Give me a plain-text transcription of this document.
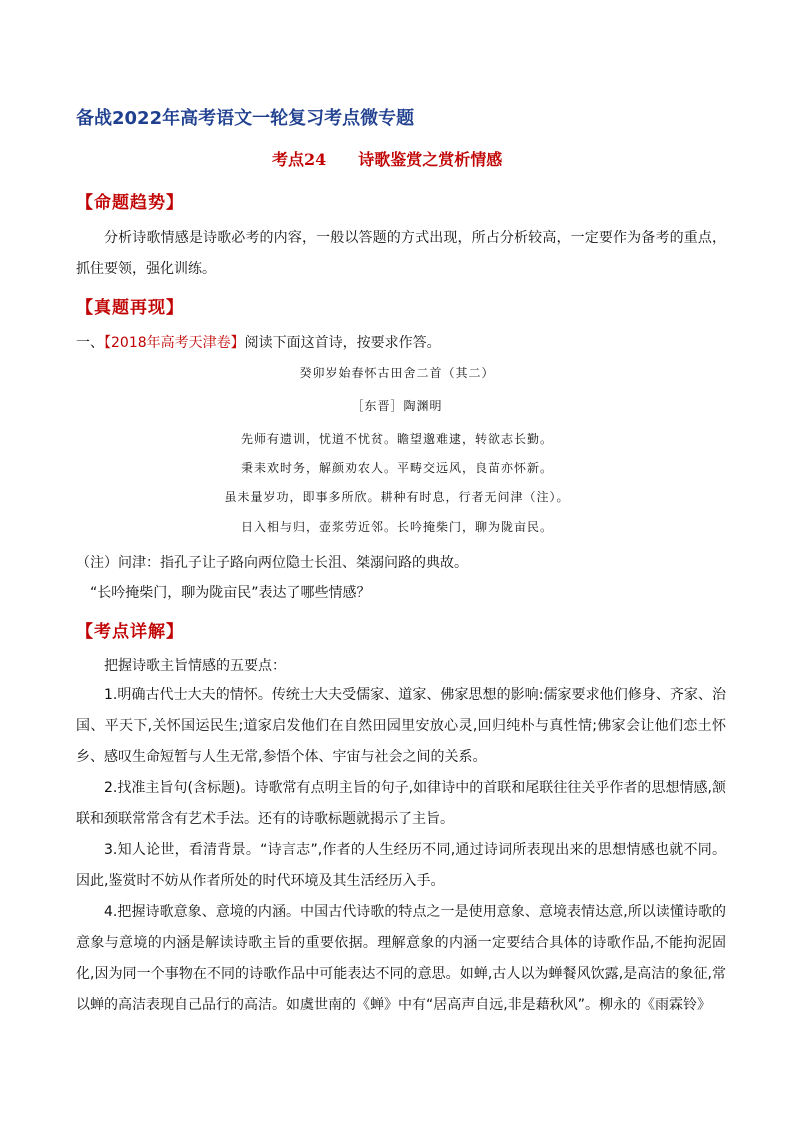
备战2022年高考语文一轮复习考点微专题
考点24 诗歌鉴赏之赏析情感
【命题趋势】
分析诗歌情感是诗歌必考的内容，一般以答题的方式出现，所占分析较高，一定要作为备考的重点，抓住要领，强化训练。
【真题再现】
一、【2018年高考天津卷】阅读下面这首诗，按要求作答。
癸卯岁始春怀古田舍二首（其二）
［东晋］陶渊明
先师有遗训，忧道不忧贫。瞻望邈难逮，转欲志长勤。
秉耒欢时务，解颜劝农人。平畴交远风，良苗亦怀新。
虽未量岁功，即事多所欣。耕种有时息，行者无问津（注）。
日入相与归，壶浆劳近邻。长吟掩柴门，聊为陇亩民。
（注）问津：指孔子让子路向两位隐士长沮、桀溺问路的典故。
“长吟掩柴门，聊为陇亩民”表达了哪些情感？
【考点详解】
把握诗歌主旨情感的五要点：
1.明确古代士大夫的情怀。传统士大夫受儒家、道家、佛家思想的影响:儒家要求他们修身、齐家、治国、平天下,关怀国运民生;道家启发他们在自然田园里安放心灵,回归纯朴与真性情;佛家会让他们恋土怀乡、感叹生命短暂与人生无常,参悟个体、宇宙与社会之间的关系。
2.找准主旨句(含标题)。诗歌常有点明主旨的句子,如律诗中的首联和尾联往往关乎作者的思想情感,颔联和颈联常常含有艺术手法。还有的诗歌标题就揭示了主旨。
3.知人论世，看清背景。“诗言志”,作者的人生经历不同,通过诗词所表现出来的思想情感也就不同。因此,鉴赏时不妨从作者所处的时代环境及其生活经历入手。
4.把握诗歌意象、意境的内涵。中国古代诗歌的特点之一是使用意象、意境表情达意,所以读懂诗歌的意象与意境的内涵是解读诗歌主旨的重要依据。理解意象的内涵一定要结合具体的诗歌作品,不能拘泥固化,因为同一个事物在不同的诗歌作品中可能表达不同的意思。如蝉,古人以为蝉餐风饮露,是高洁的象征,常以蝉的高洁表现自己品行的高洁。如虞世南的《蝉》中有“居高声自远,非是藉秋风”。柳永的《雨霖铃》
